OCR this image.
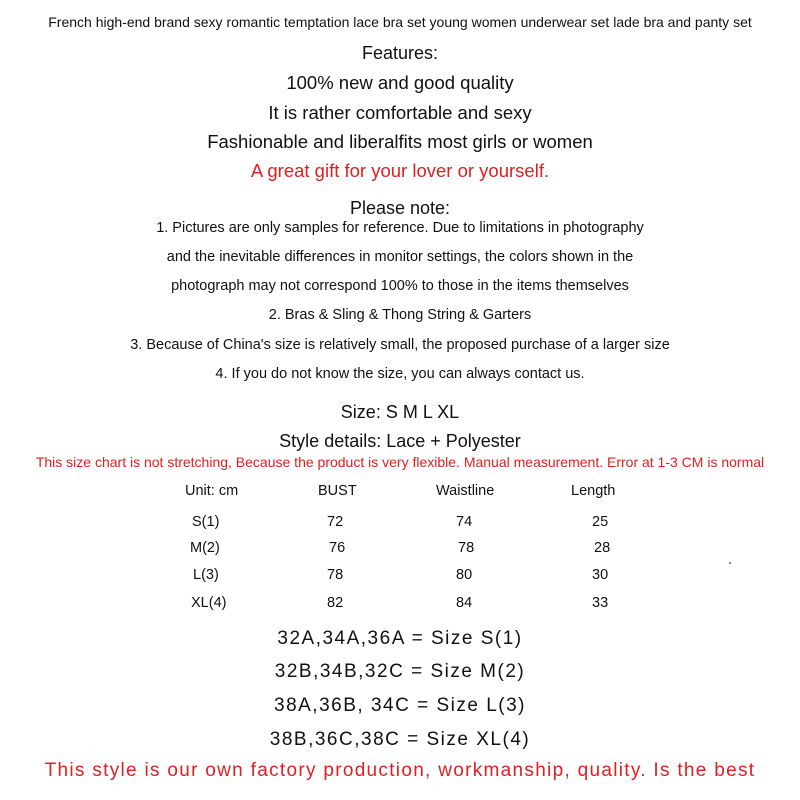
French high-end brand sexy romantic temptation lace bra set young women underwear set lade bra and panty set
Features:
100% new and good quality
It is rather comfortable and sexy
Fashionable and liberalfits most girls or women
A great gift for your lover or yourself.
Please note:
1. Pictures are only samples for reference. Due to limitations in photography
and the inevitable differences in monitor settings, the colors shown in the
photograph may not correspond 100% to those in the items themselves
2. Bras & Sling & Thong String & Garters
3. Because of China's size is relatively small, the proposed purchase of a larger size
4. If you do not know the size, you can always contact us.
Size: S M L XL
Style details: Lace + Polyester
This size chart is not stretching, Because the product is very flexible. Manual measurement. Error at 1-3 CM is normal
Unit: cm	BUST	Waistline	Length
S(1)	72	74	25
M(2)	76	78	28
L(3)	78	80	30
XL(4)	82	84	33
32A,34A,36A = Size S(1)
32B,34B,32C = Size M(2)
38A,36B, 34C = Size L(3)
38B,36C,38C = Size XL(4)
This style is our own factory production, workmanship, quality. Is the best
